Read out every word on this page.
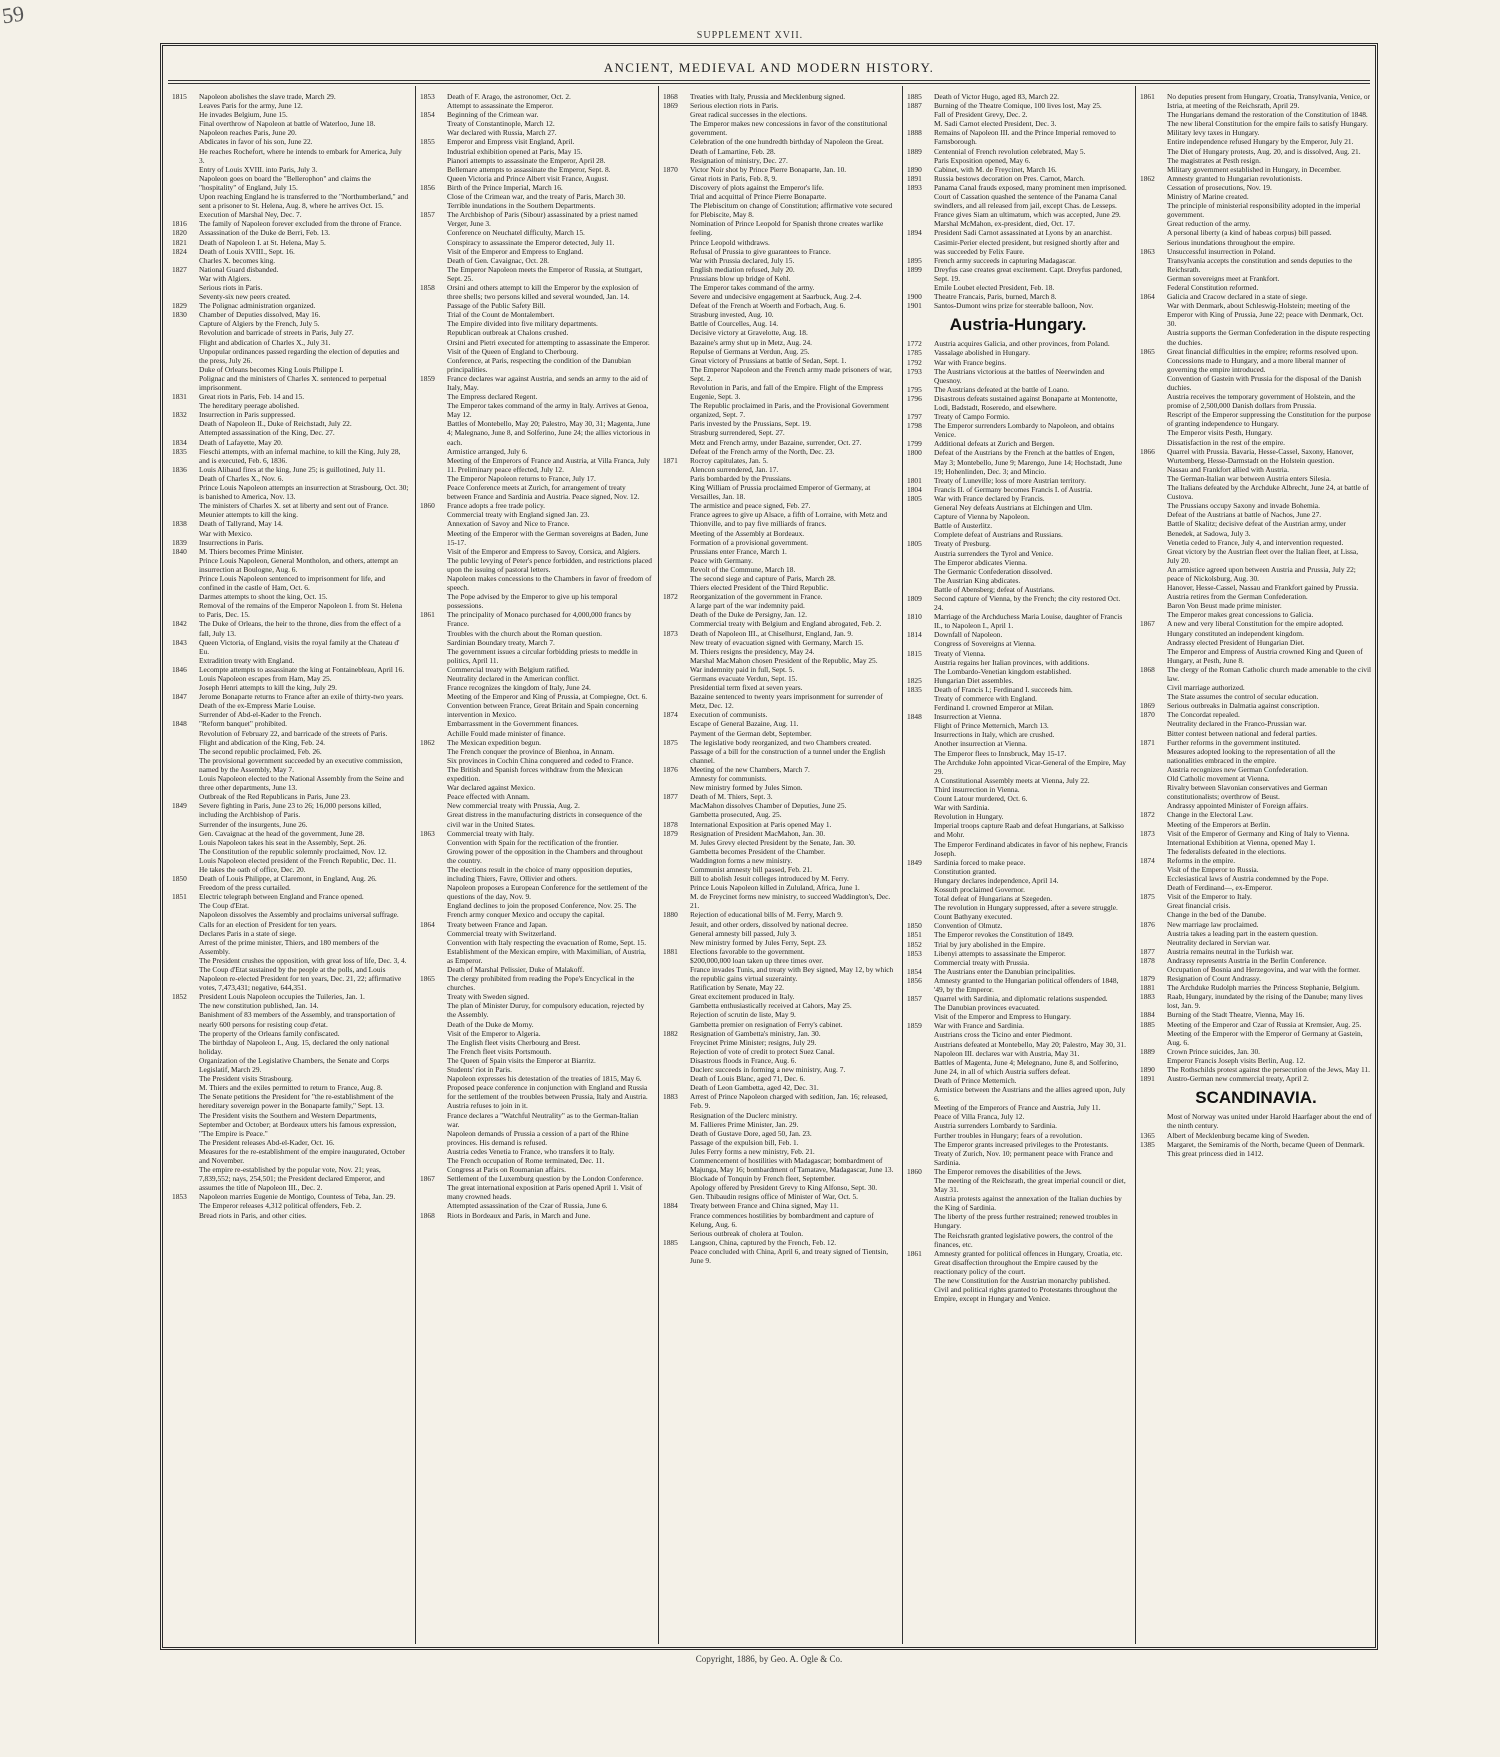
59
SUPPLEMENT XVII.
ANCIENT, MEDIEVAL AND MODERN HISTORY.
1815	Napoleon abolishes the slave trade, March 29.
Leaves Paris for the army, June 12.
He invades Belgium, June 15.
Final overthrow of Napoleon at battle of Waterloo, June 18.
Napoleon reaches Paris, June 20.
Abdicates in favor of his son, June 22.
He reaches Rochefort, where he intends to embark for America, July 3.
Entry of Louis XVIII. into Paris, July 3.
Napoleon goes on board the "Bellerophon" and claims the "hospitality" of England, July 15.
Upon reaching England he is transferred to the "Northumberland," and sent a prisoner to St. Helena, Aug. 8, where he arrives Oct. 15.
Execution of Marshal Ney, Dec. 7.
1816	The family of Napoleon forever excluded from the throne of France.
1820	Assassination of the Duke de Berri, Feb. 13.
1821	Death of Napoleon I. at St. Helena, May 5.
1824	Death of Louis XVIII., Sept. 16.
Charles X. becomes king.
1827	National Guard disbanded.
War with Algiers.
Serious riots in Paris.
Seventy-six new peers created.
1829	The Polignac administration organized.
1830	Chamber of Deputies dissolved, May 16.
Capture of Algiers by the French, July 5.
Revolution and barricade of streets in Paris, July 27.
Flight and abdication of Charles X., July 31.
Unpopular ordinances passed regarding the election of deputies and the press, July 26.
Duke of Orleans becomes King Louis Philippe I.
Polignac and the ministers of Charles X. sentenced to perpetual imprisonment.
1831	Great riots in Paris, Feb. 14 and 15.
The hereditary peerage abolished.
1832	Insurrection in Paris suppressed.
Death of Napoleon II., Duke of Reichstadt, July 22.
Attempted assassination of the King, Dec. 27.
1834	Death of Lafayette, May 20.
1835	Fieschi attempts, with an infernal machine, to kill the King, July 28, and is executed, Feb. 6, 1836.
1836	Louis Alibaud fires at the king, June 25; is guillotined, July 11.
Death of Charles X., Nov. 6.
Prince Louis Napoleon attempts an insurrection at Strasbourg, Oct. 30; is banished to America, Nov. 13.
The ministers of Charles X. set at liberty and sent out of France.
Meunier attempts to kill the king.
1838	Death of Tallyrand, May 14.
War with Mexico.
1839	Insurrections in Paris.
1840	M. Thiers becomes Prime Minister.
Prince Louis Napoleon, General Montholon, and others, attempt an insurrection at Boulogne, Aug. 6.
Prince Louis Napoleon sentenced to imprisonment for life, and confined in the castle of Ham, Oct. 6.
Darmes attempts to shoot the king, Oct. 15.
Removal of the remains of the Emperor Napoleon I. from St. Helena to Paris, Dec. 15.
1842	The Duke of Orleans, the heir to the throne, dies from the effect of a fall, July 13.
1843	Queen Victoria, of England, visits the royal family at the Chateau d' Eu.
Extradition treaty with England.
1846	Lecompte attempts to assassinate the king at Fontainebleau, April 16.
Louis Napoleon escapes from Ham, May 25.
Joseph Henri attempts to kill the king, July 29.
1847	Jerome Bonaparte returns to France after an exile of thirty-two years.
Death of the ex-Empress Marie Louise.
Surrender of Abd-el-Kader to the French.
1848	"Reform banquet" prohibited.
Revolution of February 22, and barricade of the streets of Paris.
Flight and abdication of the King, Feb. 24.
The second republic proclaimed, Feb. 26.
The provisional government succeeded by an executive commission, named by the Assembly, May 7.
Louis Napoleon elected to the National Assembly from the Seine and three other departments, June 13.
Outbreak of the Red Republicans in Paris, June 23.
1849	Severe fighting in Paris, June 23 to 26; 16,000 persons killed, including the Archbishop of Paris.
Surrender of the insurgents, June 26.
Gen. Cavaignac at the head of the government, June 28.
Louis Napoleon takes his seat in the Assembly, Sept. 26.
The Constitution of the republic solemnly proclaimed, Nov. 12.
Louis Napoleon elected president of the French Republic, Dec. 11.
He takes the oath of office, Dec. 20.
1850	Death of Louis Philippe, at Claremont, in England, Aug. 26.
Freedom of the press curtailed.
1851	Electric telegraph between England and France opened.
The Coup d'Etat.
Napoleon dissolves the Assembly and proclaims universal suffrage.
Calls for an election of President for ten years.
Declares Paris in a state of siege.
Arrest of the prime minister, Thiers, and 180 members of the Assembly.
The President crushes the opposition, with great loss of life, Dec. 3, 4.
The Coup d'Etat sustained by the people at the polls, and Louis Napoleon re-elected President for ten years, Dec. 21, 22; affirmative votes, 7,473,431; negative, 644,351.
1852	President Louis Napoleon occupies the Tuileries, Jan. 1.
The new constitution published, Jan. 14.
Banishment of 83 members of the Assembly, and transportation of nearly 600 persons for resisting coup d'etat.
The property of the Orleans family confiscated.
The birthday of Napoleon I., Aug. 15, declared the only national holiday.
Organization of the Legislative Chambers, the Senate and Corps Legislatif, March 29.
The President visits Strasbourg.
M. Thiers and the exiles permitted to return to France, Aug. 8.
The Senate petitions the President for "the re-establishment of the hereditary sovereign power in the Bonaparte family," Sept. 13.
The President visits the Southern and Western Departments, September and October; at Bordeaux utters his famous expression, "The Empire is Peace."
The President releases Abd-el-Kader, Oct. 16.
Measures for the re-establishment of the empire inaugurated, October and November.
The empire re-established by the popular vote, Nov. 21; yeas, 7,839,552; nays, 254,501; the President declared Emperor, and assumes the title of Napoleon III., Dec. 2.
1853	Napoleon marries Eugenie de Montigo, Countess of Teba, Jan. 29.
The Emperor releases 4,312 political offenders, Feb. 2.
Bread riots in Paris, and other cities.
1853	Death of F. Arago, the astronomer, Oct. 2.
Attempt to assassinate the Emperor.
1854	Beginning of the Crimean war.
Treaty of Constantinople, March 12.
War declared with Russia, March 27.
1855	Emperor and Empress visit England, April.
Industrial exhibition opened at Paris, May 15.
Pianori attempts to assassinate the Emperor, April 28.
Bellemare attempts to assassinate the Emperor, Sept. 8.
Queen Victoria and Prince Albert visit France, August.
1856	Birth of the Prince Imperial, March 16.
Close of the Crimean war, and the treaty of Paris, March 30.
Terrible inundations in the Southern Departments.
1857	The Archbishop of Paris (Sibour) assassinated by a priest named Verger, June 3.
Conference on Neuchatel difficulty, March 15.
Conspiracy to assassinate the Emperor detected, July 11.
Visit of the Emperor and Empress to England.
Death of Gen. Cavaignac, Oct. 28.
The Emperor Napoleon meets the Emperor of Russia, at Stuttgart, Sept. 25.
1858	Orsini and others attempt to kill the Emperor by the explosion of three shells; two persons killed and several wounded, Jan. 14.
Passage of the Public Safety Bill.
Trial of the Count de Montalembert.
The Empire divided into five military departments.
Republican outbreak at Chalons crushed.
Orsini and Pietri executed for attempting to assassinate the Emperor.
Visit of the Queen of England to Cherbourg.
Conference, at Paris, respecting the condition of the Danubian principalities.
1859	France declares war against Austria, and sends an army to the aid of Italy, May.
The Empress declared Regent.
The Emperor takes command of the army in Italy. Arrives at Genoa, May 12.
Battles of Montebello, May 20; Palestro, May 30, 31; Magenta, June 4; Malegnano, June 8, and Solferino, June 24; the allies victorious in each.
Armistice arranged, July 6.
Meeting of the Emperors of France and Austria, at Villa Franca, July 11. Preliminary peace effected, July 12.
The Emperor Napoleon returns to France, July 17.
Peace Conference meets at Zurich, for arrangement of treaty between France and Sardinia and Austria. Peace signed, Nov. 12.
1860	France adopts a free trade policy.
Commercial treaty with England signed Jan. 23.
Annexation of Savoy and Nice to France.
Meeting of the Emperor with the German sovereigns at Baden, June 15-17.
Visit of the Emperor and Empress to Savoy, Corsica, and Algiers.
The public levying of Peter's pence forbidden, and restrictions placed upon the issuing of pastoral letters.
Napoleon makes concessions to the Chambers in favor of freedom of speech.
The Pope advised by the Emperor to give up his temporal possessions.
1861	The principality of Monaco purchased for 4,000,000 francs by France.
Troubles with the church about the Roman question.
Sardinian Boundary treaty, March 7.
The government issues a circular forbidding priests to meddle in politics, April 11.
Commercial treaty with Belgium ratified.
Neutrality declared in the American conflict.
France recognizes the kingdom of Italy, June 24.
Meeting of the Emperor and King of Prussia, at Compiegne, Oct. 6.
Convention between France, Great Britain and Spain concerning intervention in Mexico.
Embarrassment in the Government finances.
Achille Fould made minister of finance.
1862	The Mexican expedition begun.
The French conquer the province of Bienhoa, in Annam.
Six provinces in Cochin China conquered and ceded to France.
The British and Spanish forces withdraw from the Mexican expedition.
War declared against Mexico.
Peace effected with Annam.
New commercial treaty with Prussia, Aug. 2.
Great distress in the manufacturing districts in consequence of the civil war in the United States.
1863	Commercial treaty with Italy.
Convention with Spain for the rectification of the frontier.
Growing power of the opposition in the Chambers and throughout the country.
The elections result in the choice of many opposition deputies, including Thiers, Favre, Ollivier and others.
Napoleon proposes a European Conference for the settlement of the questions of the day, Nov. 9.
England declines to join the proposed Conference, Nov. 25. The French army conquer Mexico and occupy the capital.
1864	Treaty between France and Japan.
Commercial treaty with Switzerland.
Convention with Italy respecting the evacuation of Rome, Sept. 15.
Establishment of the Mexican empire, with Maximilian, of Austria, as Emperor.
Death of Marshal Pelissier, Duke of Malakoff.
1865	The clergy prohibited from reading the Pope's Encyclical in the churches.
Treaty with Sweden signed.
The plan of Minister Duruy, for compulsory education, rejected by the Assembly.
Death of the Duke de Morny.
Visit of the Emperor to Algeria.
The English fleet visits Cherbourg and Brest.
The French fleet visits Portsmouth.
The Queen of Spain visits the Emperor at Biarritz.
Students' riot in Paris.
Napoleon expresses his detestation of the treaties of 1815, May 6.
Proposed peace conference in conjunction with England and Russia for the settlement of the troubles between Prussia, Italy and Austria. Austria refuses to join in it.
France declares a "Watchful Neutrality" as to the German-Italian war.
Napoleon demands of Prussia a cession of a part of the Rhine provinces. His demand is refused.
Austria cedes Venetia to France, who transfers it to Italy.
The French occupation of Rome terminated, Dec. 11.
Congress at Paris on Roumanian affairs.
1867	Settlement of the Luxemburg question by the London Conference.
The great international exposition at Paris opened April 1. Visit of many crowned heads.
Attempted assassination of the Czar of Russia, June 6.
1868	Riots in Bordeaux and Paris, in March and June.
1868	Treaties with Italy, Prussia and Mecklenburg signed.
1869	Serious election riots in Paris.
Great radical successes in the elections.
The Emperor makes new concessions in favor of the constitutional government.
Celebration of the one hundredth birthday of Napoleon the Great.
Death of Lamartine, Feb. 28.
Resignation of ministry, Dec. 27.
1870	Victor Noir shot by Prince Pierre Bonaparte, Jan. 10.
Great riots in Paris, Feb. 8, 9.
Discovery of plots against the Emperor's life.
Trial and acquittal of Prince Pierre Bonaparte.
The Plebiscitum on change of Constitution; affirmative vote secured for Plebiscite, May 8.
Nomination of Prince Leopold for Spanish throne creates warlike feeling.
Prince Leopold withdraws.
Refusal of Prussia to give guarantees to France.
War with Prussia declared, July 15.
English mediation refused, July 20.
Prussians blow up bridge of Kehl.
The Emperor takes command of the army.
Severe and undecisive engagement at Saarbuck, Aug. 2-4.
Defeat of the French at Woerth and Forbach, Aug. 6.
Strasburg invested, Aug. 10.
Battle of Courcelles, Aug. 14.
Decisive victory at Gravelotte, Aug. 18.
Bazaine's army shut up in Metz, Aug. 24.
Repulse of Germans at Verdun, Aug. 25.
Great victory of Prussians at battle of Sedan, Sept. 1.
The Emperor Napoleon and the French army made prisoners of war, Sept. 2.
Revolution in Paris, and fall of the Empire. Flight of the Empress Eugenie, Sept. 3.
The Republic proclaimed in Paris, and the Provisional Government organized, Sept. 7.
Paris invested by the Prussians, Sept. 19.
Strasburg surrendered, Sept. 27.
Metz and French army, under Bazaine, surrender, Oct. 27.
Defeat of the French army of the North, Dec. 23.
1871	Rocroy capitulates, Jan. 5.
Alencon surrendered, Jan. 17.
Paris bombarded by the Prussians.
King William of Prussia proclaimed Emperor of Germany, at Versailles, Jan. 18.
The armistice and peace signed, Feb. 27.
France agrees to give up Alsace, a fifth of Lorraine, with Metz and Thionville, and to pay five milliards of francs.
Meeting of the Assembly at Bordeaux.
Formation of a provisional government.
Prussians enter France, March 1.
Peace with Germany.
Revolt of the Commune, March 18.
The second siege and capture of Paris, March 28.
Thiers elected President of the Third Republic.
1872	Reorganization of the government in France.
A large part of the war indemnity paid.
Death of the Duke de Persigny, Jan. 12.
Commercial treaty with Belgium and England abrogated, Feb. 2.
1873	Death of Napoleon III., at Chiselhurst, England, Jan. 9.
New treaty of evacuation signed with Germany, March 15.
M. Thiers resigns the presidency, May 24.
Marshal MacMahon chosen President of the Republic, May 25.
War indemnity paid in full, Sept. 5.
Germans evacuate Verdun, Sept. 15.
Presidential term fixed at seven years.
Bazaine sentenced to twenty years imprisonment for surrender of Metz, Dec. 12.
1874	Execution of communists.
Escape of General Bazaine, Aug. 11.
Payment of the German debt, September.
1875	The legislative body reorganized, and two Chambers created.
Passage of a bill for the construction of a tunnel under the English channel.
1876	Meeting of the new Chambers, March 7.
Amnesty for communists.
New ministry formed by Jules Simon.
1877	Death of M. Thiers, Sept. 3.
MacMahon dissolves Chamber of Deputies, June 25.
Gambetta prosecuted, Aug. 25.
1878	International Exposition at Paris opened May 1.
1879	Resignation of President MacMahon, Jan. 30.
M. Jules Grevy elected President by the Senate, Jan. 30.
Gambetta becomes President of the Chamber.
Waddington forms a new ministry.
Communist amnesty bill passed, Feb. 21.
Bill to abolish Jesuit colleges introduced by M. Ferry.
Prince Louis Napoleon killed in Zululand, Africa, June 1.
M. de Freycinet forms new ministry, to succeed Waddington's, Dec. 21.
1880	Rejection of educational bills of M. Ferry, March 9.
Jesuit, and other orders, dissolved by national decree.
General amnesty bill passed, July 3.
New ministry formed by Jules Ferry, Sept. 23.
1881	Elections favorable to the government.
$200,000,000 loan taken up three times over.
France invades Tunis, and treaty with Bey signed, May 12, by which the republic gains virtual suzerainty.
Ratification by Senate, May 22.
Great excitement produced in Italy.
Gambetta enthusiastically received at Cahors, May 25.
Rejection of scrutin de liste, May 9.
Gambetta premier on resignation of Ferry's cabinet.
1882	Resignation of Gambetta's ministry, Jan. 30.
Freycinet Prime Minister; resigns, July 29.
Rejection of vote of credit to protect Suez Canal.
Disastrous floods in France, Aug. 6.
Duclerc succeeds in forming a new ministry, Aug. 7.
Death of Louis Blanc, aged 71, Dec. 6.
Death of Leon Gambetta, aged 42, Dec. 31.
1883	Arrest of Prince Napoleon charged with sedition, Jan. 16; released, Feb. 9.
Resignation of the Duclerc ministry.
M. Fallieres Prime Minister, Jan. 29.
Death of Gustave Dore, aged 50, Jan. 23.
Passage of the expulsion bill, Feb. 1.
Jules Ferry forms a new ministry, Feb. 21.
Commencement of hostilities with Madagascar; bombardment of Majunga, May 16; bombardment of Tamatave, Madagascar, June 13.
Blockade of Tonquin by French fleet, September.
Apology offered by President Grevy to King Alfonso, Sept. 30.
Gen. Thibaudin resigns office of Minister of War, Oct. 5.
1884	Treaty between France and China signed, May 11.
France commences hostilities by bombardment and capture of Kelung, Aug. 6.
Serious outbreak of cholera at Toulon.
1885	Langson, China, captured by the French, Feb. 12.
Peace concluded with China, April 6, and treaty signed of Tientsin, June 9.
1885	Death of Victor Hugo, aged 83, March 22.
1887	Burning of the Theatre Comique, 100 lives lost, May 25.
Fall of President Grevy, Dec. 2.
M. Sadi Carnot elected President, Dec. 3.
1888	Remains of Napoleon III. and the Prince Imperial removed to Farnsborough.
1889	Centennial of French revolution celebrated, May 5.
Paris Exposition opened, May 6.
1890	Cabinet, with M. de Freycinet, March 16.
1891	Russia bestows decoration on Pres. Carnot, March.
1893	Panama Canal frauds exposed, many prominent men imprisoned.
Court of Cassation quashed the sentence of the Panama Canal swindlers, and all released from jail, except Chas. de Lesseps.
France gives Siam an ultimatum, which was accepted, June 29.
Marshal McMahon, ex-president, died, Oct. 17.
1894	President Sadi Carnot assassinated at Lyons by an anarchist.
Casimir-Perier elected president, but resigned shortly after and was succeeded by Felix Faure.
1895	French army succeeds in capturing Madagascar.
1899	Dreyfus case creates great excitement. Capt. Dreyfus pardoned, Sept. 19.
Emile Loubet elected President, Feb. 18.
1900	Theatre Francais, Paris, burned, March 8.
1901	Santos-Dumont wins prize for steerable balloon, Nov.
Austria-Hungary.
1772	Austria acquires Galicia, and other provinces, from Poland.
1785	Vassalage abolished in Hungary.
1792	War with France begins.
1793	The Austrians victorious at the battles of Neerwinden and Quesnoy.
1795	The Austrians defeated at the battle of Loano.
1796	Disastrous defeats sustained against Bonaparte at Montenotte, Lodi, Badstadt, Roseredo, and elsewhere.
1797	Treaty of Campo Formio.
1798	The Emperor surrenders Lombardy to Napoleon, and obtains Venice.
1799	Additional defeats at Zurich and Bergen.
1800	Defeat of the Austrians by the French at the battles of Engen, May 3; Montebello, June 9; Marengo, June 14; Hochstadt, June 19; Hohenlinden, Dec. 3; and Mincio.
1801	Treaty of Luneville; loss of more Austrian territory.
1804	Francis II. of Germany becomes Francis I. of Austria.
1805	War with France declared by Francis.
General Ney defeats Austrians at Elchingen and Ulm.
Capture of Vienna by Napoleon.
Battle of Austerlitz.
Complete defeat of Austrians and Russians.
1805	Treaty of Presburg.
Austria surrenders the Tyrol and Venice.
The Emperor abdicates Vienna.
The Germanic Confederation dissolved.
The Austrian King abdicates.
Battle of Abensberg; defeat of Austrians.
1809	Second capture of Vienna, by the French; the city restored Oct. 24.
1810	Marriage of the Archduchess Maria Louise, daughter of Francis II., to Napoleon I., April 1.
1814	Downfall of Napoleon.
Congress of Sovereigns at Vienna.
1815	Treaty of Vienna.
Austria regains her Italian provinces, with additions.
The Lombardo-Venetian kingdom established.
1825	Hungarian Diet assembles.
1835	Death of Francis I.; Ferdinand I. succeeds him.
Treaty of commerce with England.
Ferdinand I. crowned Emperor at Milan.
1848	Insurrection at Vienna.
Flight of Prince Metternich, March 13.
Insurrections in Italy, which are crushed.
Another insurrection at Vienna.
The Emperor flees to Innsbruck, May 15-17.
The Archduke John appointed Vicar-General of the Empire, May 29.
A Constitutional Assembly meets at Vienna, July 22.
Third insurrection in Vienna.
Count Latour murdered, Oct. 6.
War with Sardinia.
Revolution in Hungary.
Imperial troops capture Raab and defeat Hungarians, at Salkisso and Mohr.
The Emperor Ferdinand abdicates in favor of his nephew, Francis Joseph.
1849	Sardinia forced to make peace.
Constitution granted.
Hungary declares independence, April 14.
Kossuth proclaimed Governor.
Total defeat of Hungarians at Szegeden.
The revolution in Hungary suppressed, after a severe struggle.
Count Bathyany executed.
1850	Convention of Olmutz.
1851	The Emperor revokes the Constitution of 1849.
1852	Trial by jury abolished in the Empire.
1853	Libenyi attempts to assassinate the Emperor.
Commercial treaty with Prussia.
1854	The Austrians enter the Danubian principalities.
1856	Amnesty granted to the Hungarian political offenders of 1848, '49, by the Emperor.
1857	Quarrel with Sardinia, and diplomatic relations suspended.
The Danubian provinces evacuated.
Visit of the Emperor and Empress to Hungary.
1859	War with France and Sardinia.
Austrians cross the Ticino and enter Piedmont.
Austrians defeated at Montebello, May 20; Palestro, May 30, 31.
Napoleon III. declares war with Austria, May 31.
Battles of Magenta, June 4; Melegnano, June 8, and Solferino, June 24, in all of which Austria suffers defeat.
Death of Prince Metternich.
Armistice between the Austrians and the allies agreed upon, July 6.
Meeting of the Emperors of France and Austria, July 11.
Peace of Villa Franca, July 12.
Austria surrenders Lombardy to Sardinia.
Further troubles in Hungary; fears of a revolution.
The Emperor grants increased privileges to the Protestants.
Treaty of Zurich, Nov. 10; permanent peace with France and Sardinia.
1860	The Emperor removes the disabilities of the Jews.
The meeting of the Reichsrath, the great imperial council or diet, May 31.
Austria protests against the annexation of the Italian duchies by the King of Sardinia.
The liberty of the press further restrained; renewed troubles in Hungary.
The Reichsrath granted legislative powers, the control of the finances, etc.
1861	Amnesty granted for political offences in Hungary, Croatia, etc.
Great disaffection throughout the Empire caused by the reactionary policy of the court.
The new Constitution for the Austrian monarchy published.
Civil and political rights granted to Protestants throughout the Empire, except in Hungary and Venice.
1861	No deputies present from Hungary, Croatia, Transylvania, Venice, or Istria, at meeting of the Reichsrath, April 29.
The Hungarians demand the restoration of the Constitution of 1848.
The new liberal Constitution for the empire fails to satisfy Hungary.
Military levy taxes in Hungary.
Entire independence refused Hungary by the Emperor, July 21.
The Diet of Hungary protests, Aug. 20, and is dissolved, Aug. 21.
The magistrates at Pesth resign.
Military government established in Hungary, in December.
1862	Amnesty granted to Hungarian revolutionists.
Cessation of prosecutions, Nov. 19.
Ministry of Marine created.
The principle of ministerial responsibility adopted in the imperial government.
Great reduction of the army.
A personal liberty (a kind of habeas corpus) bill passed.
Serious inundations throughout the empire.
1863	Unsuccessful insurrection in Poland.
Transylvania accepts the constitution and sends deputies to the Reichsrath.
German sovereigns meet at Frankfort.
Federal Constitution reformed.
1864	Galicia and Cracow declared in a state of siege.
War with Denmark, about Schleswig-Holstein; meeting of the Emperor with King of Prussia, June 22; peace with Denmark, Oct. 30.
Austria supports the German Confederation in the dispute respecting the duchies.
1865	Great financial difficulties in the empire; reforms resolved upon.
Concessions made to Hungary, and a more liberal manner of governing the empire introduced.
Convention of Gastein with Prussia for the disposal of the Danish duchies.
Austria receives the temporary government of Holstein, and the promise of 2,500,000 Danish dollars from Prussia.
Rescript of the Emperor suppressing the Constitution for the purpose of granting independence to Hungary.
The Emperor visits Pesth, Hungary.
Dissatisfaction in the rest of the empire.
1866	Quarrel with Prussia. Bavaria, Hesse-Cassel, Saxony, Hanover, Wurtemberg, Hesse-Darmstadt on the Holstein question.
Nassau and Frankfort allied with Austria.
The German-Italian war between Austria enters Silesia.
The Italians defeated by the Archduke Albrecht, June 24, at battle of Custova.
The Prussians occupy Saxony and invade Bohemia.
Defeat of the Austrians at battle of Nachos, June 27.
Battle of Skalitz; decisive defeat of the Austrian army, under Benedek, at Sadowa, July 3.
Venetia ceded to France, July 4, and intervention requested.
Great victory by the Austrian fleet over the Italian fleet, at Lissa, July 20.
An armistice agreed upon between Austria and Prussia, July 22; peace of Nickolsburg, Aug. 30.
Hanover, Hesse-Cassel, Nassau and Frankfort gained by Prussia.
Austria retires from the German Confederation.
Baron Von Beust made prime minister.
The Emperor makes great concessions to Galicia.
1867	A new and very liberal Constitution for the empire adopted.
Hungary constituted an independent kingdom.
Andrassy elected President of Hungarian Diet.
The Emperor and Empress of Austria crowned King and Queen of Hungary, at Pesth, June 8.
1868	The clergy of the Roman Catholic church made amenable to the civil law.
Civil marriage authorized.
The State assumes the control of secular education.
1869	Serious outbreaks in Dalmatia against conscription.
1870	The Concordat repealed.
Neutrality declared in the Franco-Prussian war.
Bitter contest between national and federal parties.
1871	Further reforms in the government instituted.
Measures adopted looking to the representation of all the nationalities embraced in the empire.
Austria recognizes new German Confederation.
Old Catholic movement at Vienna.
Rivalry between Slavonian conservatives and German constitutionalists; overthrow of Beust.
Andrassy appointed Minister of Foreign affairs.
1872	Change in the Electoral Law.
Meeting of the Emperors at Berlin.
1873	Visit of the Emperor of Germany and King of Italy to Vienna.
International Exhibition at Vienna, opened May 1.
The federalists defeated in the elections.
1874	Reforms in the empire.
Visit of the Emperor to Russia.
Ecclesiastical laws of Austria condemned by the Pope.
Death of Ferdinand—, ex-Emperor.
1875	Visit of the Emperor to Italy.
Great financial crisis.
Change in the bed of the Danube.
1876	New marriage law proclaimed.
Austria takes a leading part in the eastern question.
Neutrality declared in Servian war.
1877	Austria remains neutral in the Turkish war.
1878	Andrassy represents Austria in the Berlin Conference.
Occupation of Bosnia and Herzegovina, and war with the former.
1879	Resignation of Count Andrassy.
1881	The Archduke Rudolph marries the Princess Stephanie, Belgium.
1883	Raab, Hungary, inundated by the rising of the Danube; many lives lost, Jan. 9.
1884	Burning of the Stadt Theatre, Vienna, May 16.
1885	Meeting of the Emperor and Czar of Russia at Kremsier, Aug. 25.
Meeting of the Emperor with the Emperor of Germany at Gastein, Aug. 6.
1889	Crown Prince suicides, Jan. 30.
Emperor Francis Joseph visits Berlin, Aug. 12.
1890	The Rothschilds protest against the persecution of the Jews, May 11.
1891	Austro-German new commercial treaty, April 2.
SCANDINAVIA.
Most of Norway was united under Harold Haarfager about the end of the ninth century.
1365	Albert of Mecklenburg became king of Sweden.
1385	Margaret, the Semiramis of the North, became Queen of Denmark. This great princess died in 1412.
Copyright, 1886, by Geo. A. Ogle & Co.
